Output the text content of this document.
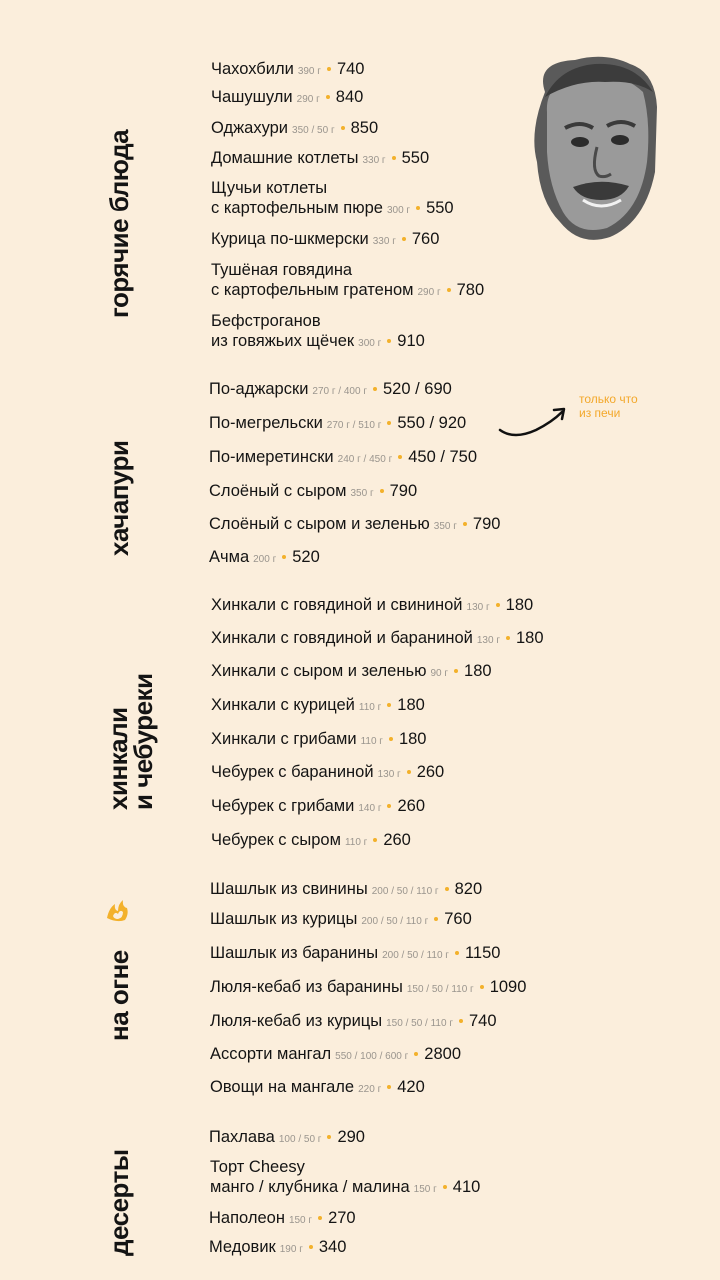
горячие блюда
Чахохбили 390 г 740
Чашушули 290 г 840
Оджахури 350 / 50 г 850
Домашние котлеты 330 г 550
Щучьи котлеты
с картофельным пюре 300 г 550
Курица по-шкмерски 330 г 760
Тушёная говядина
с картофельным гратеном 290 г 780
Бефстроганов
из говяжьих щёчек 300 г 910
хачапури
По-аджарски 270 г / 400 г 520 / 690
По-мегрельски 270 г / 510 г 550 / 920
По-имеретински 240 г / 450 г 450 / 750
Слоёный с сыром 350 г 790
Слоёный с сыром и зеленью 350 г 790
Ачма 200 г 520
только что
из печи
хинкали
и чебуреки
Хинкали с говядиной и свининой 130 г 180
Хинкали с говядиной и бараниной 130 г 180
Хинкали с сыром и зеленью 90 г 180
Хинкали с курицей 110 г 180
Хинкали с грибами 110 г 180
Чебурек с бараниной 130 г 260
Чебурек с грибами 140 г 260
Чебурек с сыром 110 г 260
на огне
Шашлык из свинины 200 / 50 / 110 г 820
Шашлык из курицы 200 / 50 / 110 г 760
Шашлык из баранины 200 / 50 / 110 г 1150
Люля-кебаб из баранины 150 / 50 / 110 г 1090
Люля-кебаб из курицы 150 / 50 / 110 г 740
Ассорти мангал 550 / 100 / 600 г 2800
Овощи на мангале 220 г 420
десерты
Пахлава 100 / 50 г 290
Торт Cheesy
манго / клубника / малина 150 г 410
Наполеон 150 г 270
Медовик 190 г 340
